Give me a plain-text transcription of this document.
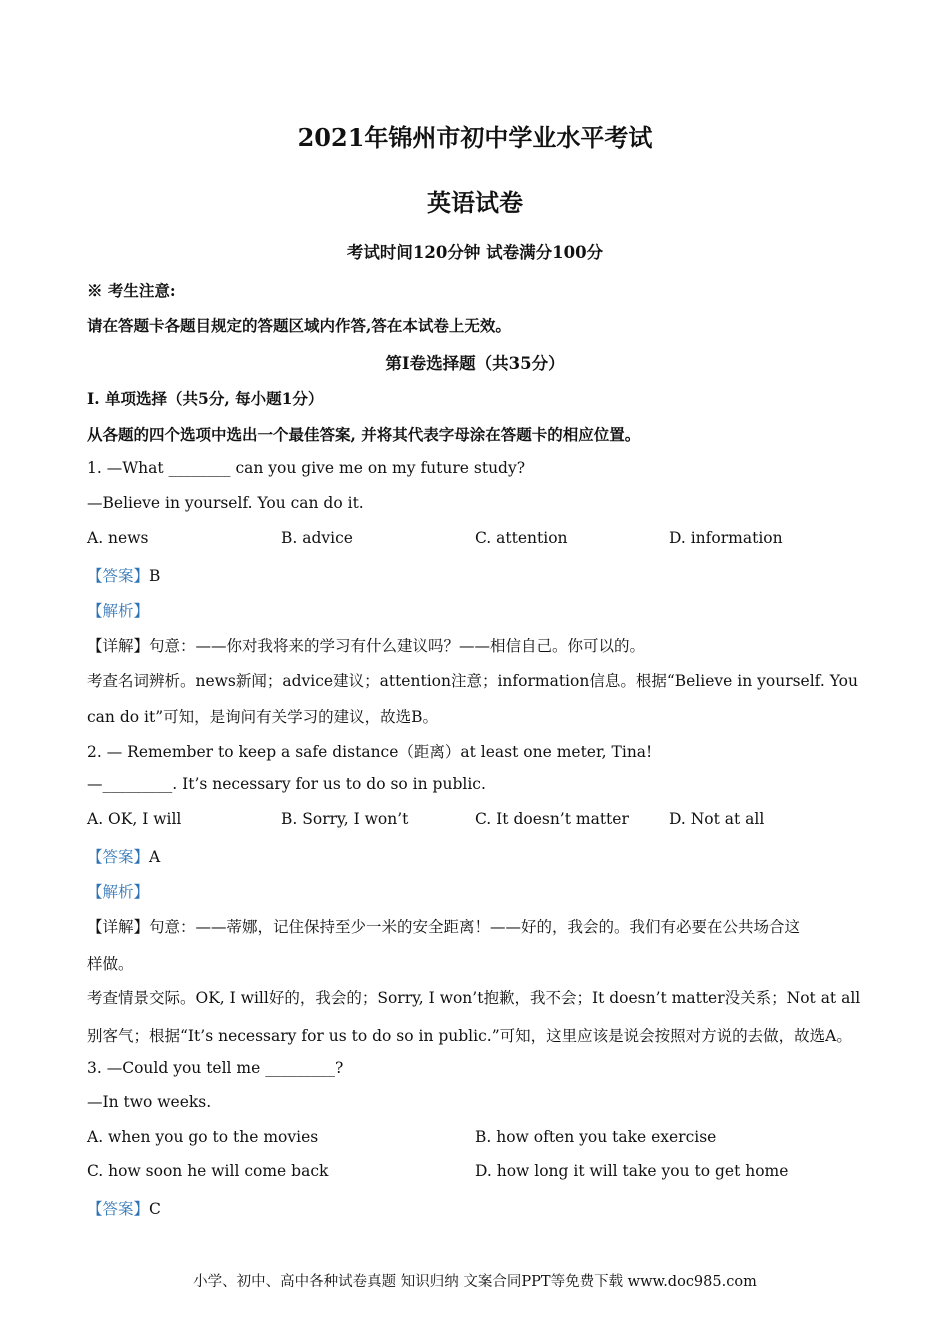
2021年锦州市初中学业水平考试
英语试卷
考试时间120分钟 试卷满分100分
※ 考生注意:
请在答题卡各题目规定的答题区域内作答,答在本试卷上无效。
第I卷选择题（共35分）
I. 单项选择（共5分, 每小题1分）
从各题的四个选项中选出一个最佳答案, 并将其代表字母涂在答题卡的相应位置。
1. —What ________ can you give me on my future study?
—Believe in yourself. You can do it.
A. news	B. advice	C. attention	D. information
【答案】B
【解析】
【详解】句意：——你对我将来的学习有什么建议吗？——相信自己。你可以的。
考查名词辨析。news新闻；advice建议；attention注意；information信息。根据“Believe in yourself. You
can do it”可知，是询问有关学习的建议，故选B。
2. — Remember to keep a safe distance（距离）at least one meter, Tina!
—_________. It’s necessary for us to do so in public.
A. OK, I will	B. Sorry, I won’t	C. It doesn’t matter	D. Not at all
【答案】A
【解析】
【详解】句意：——蒂娜，记住保持至少一米的安全距离！——好的，我会的。我们有必要在公共场合这
样做。
考查情景交际。OK, I will好的，我会的；Sorry, I won’t抱歉，我不会；It doesn’t matter没关系；Not at all
别客气；根据“It’s necessary for us to do so in public.”可知，这里应该是说会按照对方说的去做，故选A。
3. —Could you tell me _________?
—In two weeks.
A. when you go to the movies	B. how often you take exercise
C. how soon he will come back	D. how long it will take you to get home
【答案】C
小学、初中、高中各种试卷真题 知识归纳 文案合同PPT等免费下载 www.doc985.com
